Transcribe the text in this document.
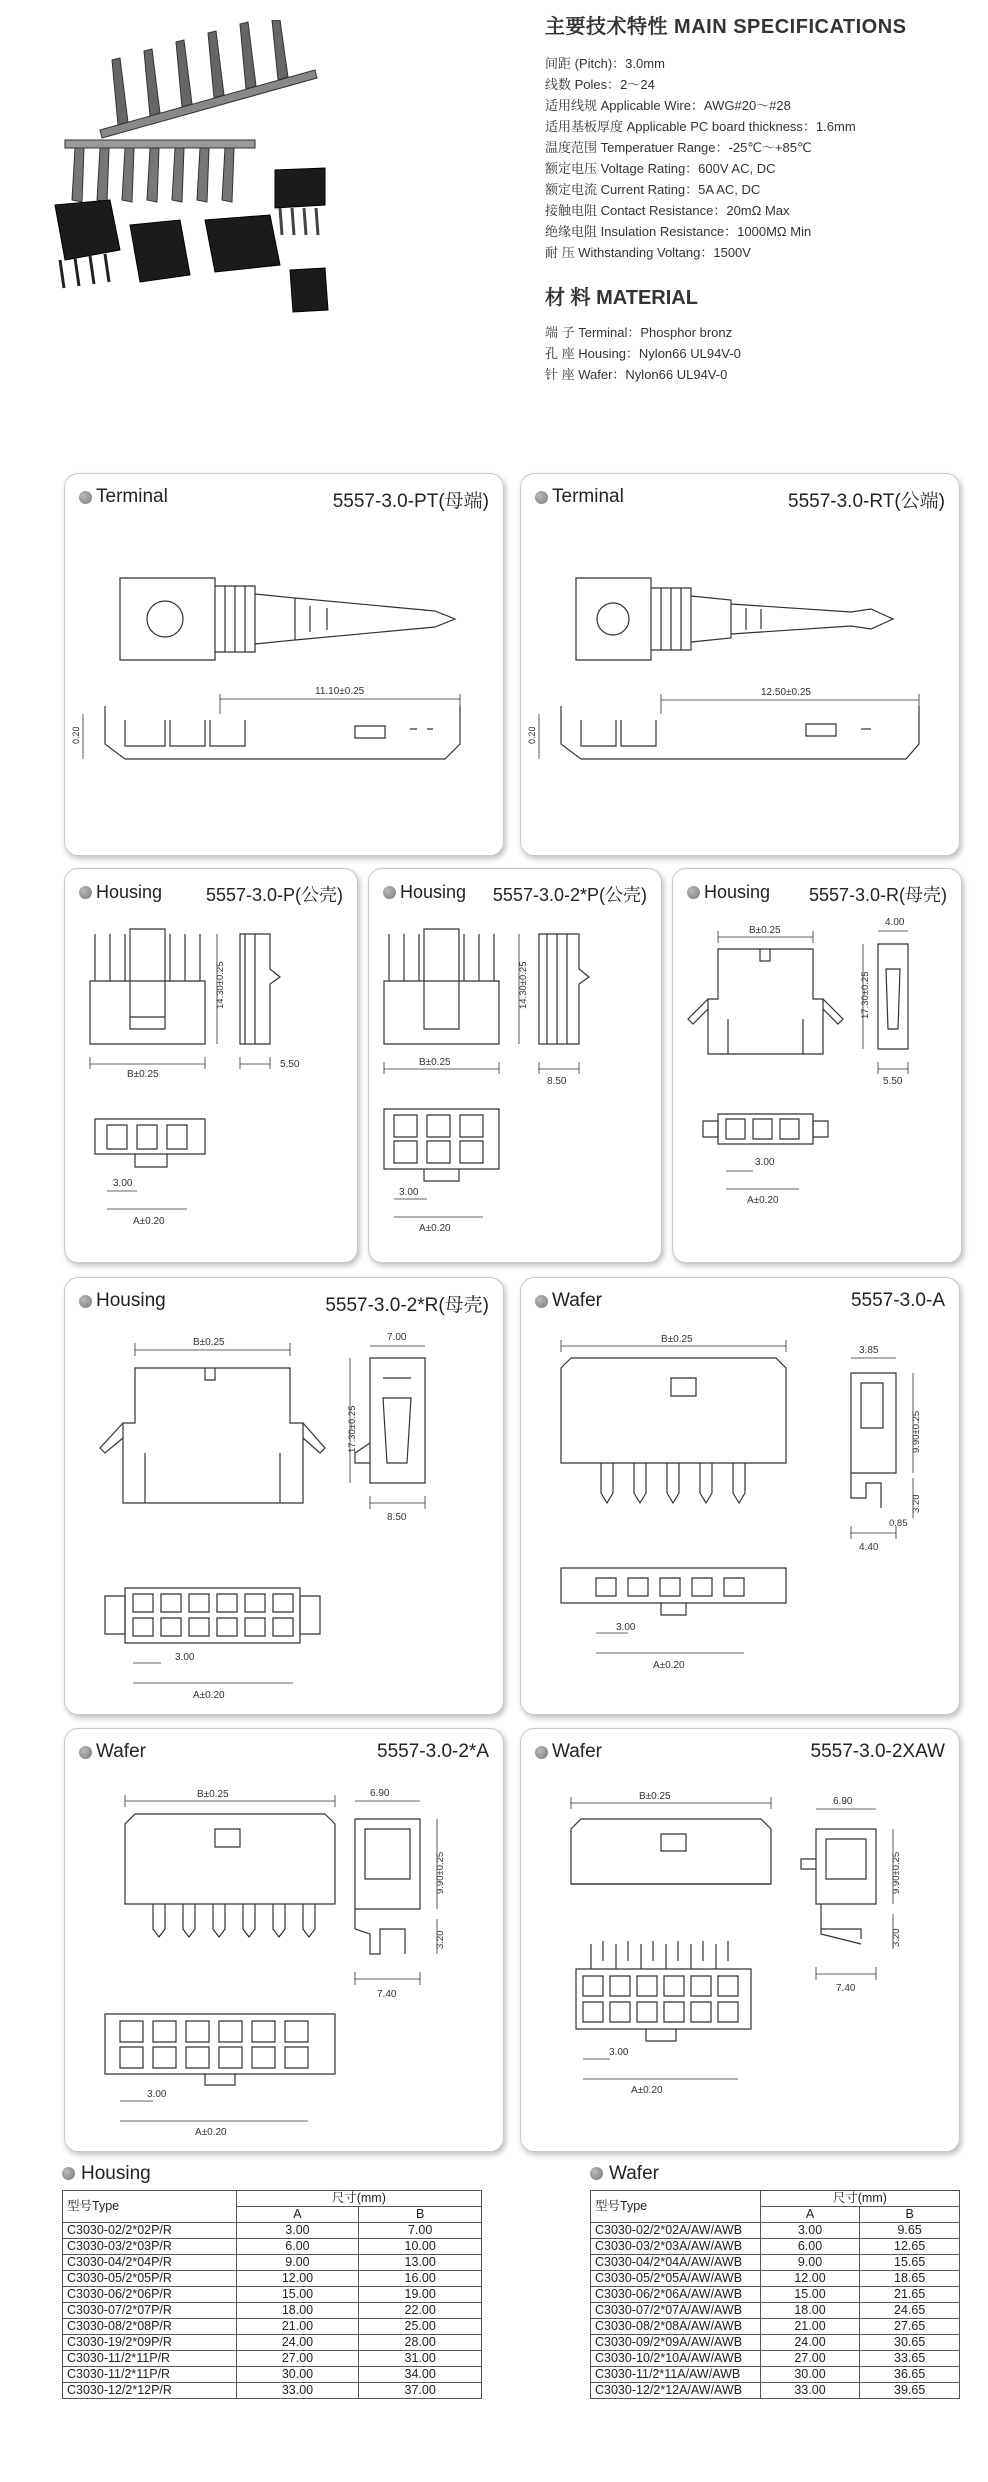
主要技术特性 MAIN SPECIFICATIONS
间距 (Pitch)：3.0mm
线数 Poles：2～24
适用线规 Applicable Wire：AWG#20～#28
适用基板厚度 Applicable PC board thickness：1.6mm
温度范围 Temperatuer Range：-25℃～+85℃
额定电压 Voltage Rating：600V AC, DC
额定电流 Current Rating：5A AC, DC
接触电阻 Contact Resistance：20mΩ Max
绝缘电阻 Insulation Resistance：1000MΩ Min
耐 压 Withstanding Voltang：1500V
材 料 MATERIAL
端 子 Terminal：Phosphor bronz
孔 座 Housing：Nylon66 UL94V-0
针 座 Wafer：Nylon66 UL94V-0
11.10±0.25
0.20
Terminal	5557-3.0-PT(母端)
12.50±0.25
0.20
Terminal	5557-3.0-RT(公端)
B±0.25
14.30±0.25
5.50
3.00
A±0.20
Housing 5557-3.0-P(公壳)
B±0.25
14.30±0.25
8.50
3.00
A±0.20
Housing 5557-3.0-2*P(公壳)
B±0.25
4.00
17.30±0.25
5.50
3.00
A±0.20
Housing 5557-3.0-R(母壳)
B±0.25	7.00
17.30±0.25
8.50
3.00
A±0.20
Housing	5557-3.0-2*R(母壳)
B±0.25
3.85
9.90±0.25
3.20
0.85
4.40
3.00
A±0.20
Wafer	5557-3.0-A
B±0.25	6.90
9.90±0.25
3.20
7.40
3.00
A±0.20
Wafer	5557-3.0-2*A
B±0.25	6.90
9.90±0.25
3.20
7.40
3.00
A±0.20
Wafer	5557-3.0-2XAW
Housing
型号Type	尺寸(mm)	
	A	B
C3030-02/2*02P/R	3.00	7.00
C3030-03/2*03P/R	6.00	10.00
C3030-04/2*04P/R	9.00	13.00
C3030-05/2*05P/R	12.00	16.00
C3030-06/2*06P/R	15.00	19.00
C3030-07/2*07P/R	18.00	22.00
C3030-08/2*08P/R	21.00	25.00
C3030-19/2*09P/R	24.00	28.00
C3030-11/2*11P/R	27.00	31.00
C3030-11/2*11P/R	30.00	34.00
C3030-12/2*12P/R	33.00	37.00
Wafer
型号Type	尺寸(mm)	
	A	B
C3030-02/2*02A/AW/AWB	3.00	9.65
C3030-03/2*03A/AW/AWB	6.00	12.65
C3030-04/2*04A/AW/AWB	9.00	15.65
C3030-05/2*05A/AW/AWB	12.00	18.65
C3030-06/2*06A/AW/AWB	15.00	21.65
C3030-07/2*07A/AW/AWB	18.00	24.65
C3030-08/2*08A/AW/AWB	21.00	27.65
C3030-09/2*09A/AW/AWB	24.00	30.65
C3030-10/2*10A/AW/AWB	27.00	33.65
C3030-11/2*11A/AW/AWB	30.00	36.65
C3030-12/2*12A/AW/AWB	33.00	39.65
